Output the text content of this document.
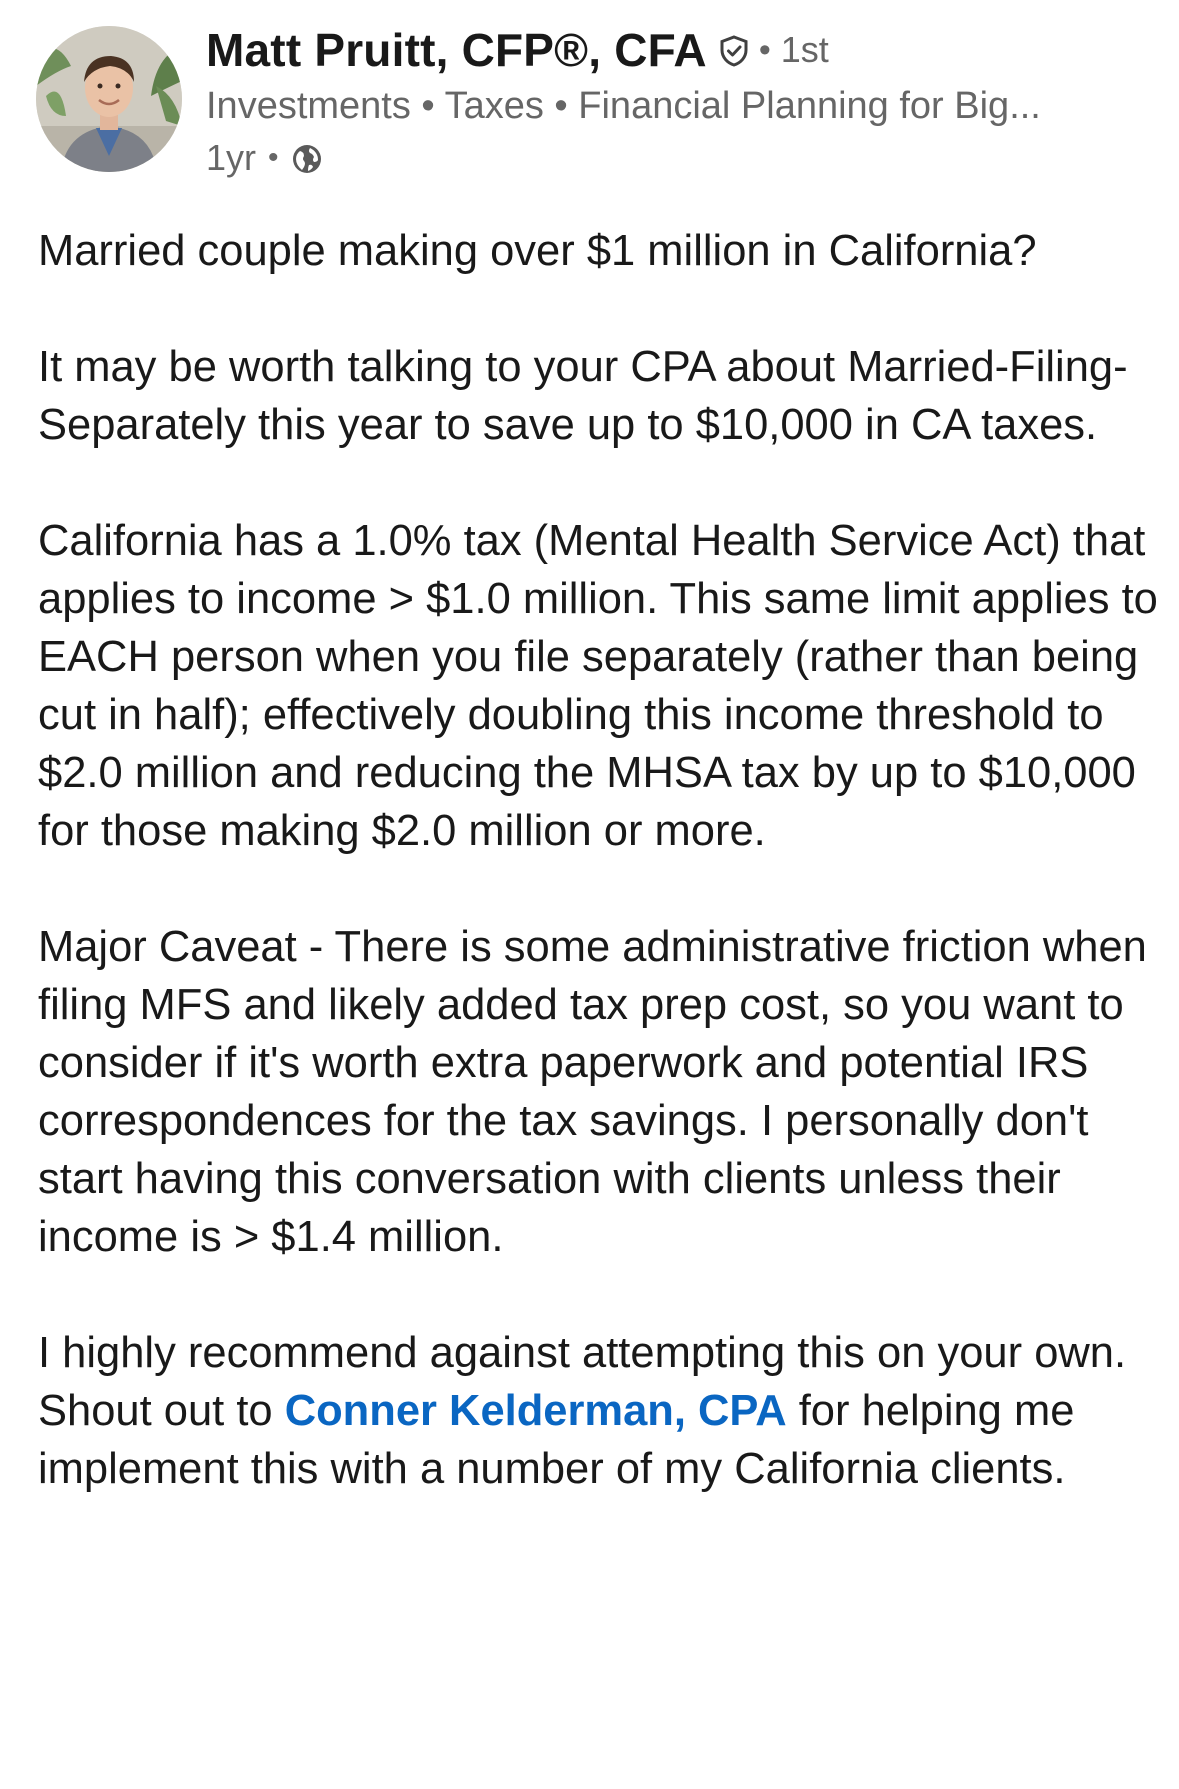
Matt Pruitt, CFP®, CFA • 1st
Investments • Taxes • Financial Planning for Big...
1yr •

Married couple making over $1 million in California?

It may be worth talking to your CPA about Married-Filing-Separately this year to save up to $10,000 in CA taxes.

California has a 1.0% tax (Mental Health Service Act) that applies to income > $1.0 million. This same limit applies to EACH person when you file separately (rather than being cut in half); effectively doubling this income threshold to $2.0 million and reducing the MHSA tax by up to $10,000 for those making $2.0 million or more.

Major Caveat - There is some administrative friction when filing MFS and likely added tax prep cost, so you want to consider if it's worth extra paperwork and potential IRS correspondences for the tax savings. I personally don't start having this conversation with clients unless their income is > $1.4 million.

I highly recommend against attempting this on your own. Shout out to Conner Kelderman, CPA for helping me implement this with a number of my California clients.
